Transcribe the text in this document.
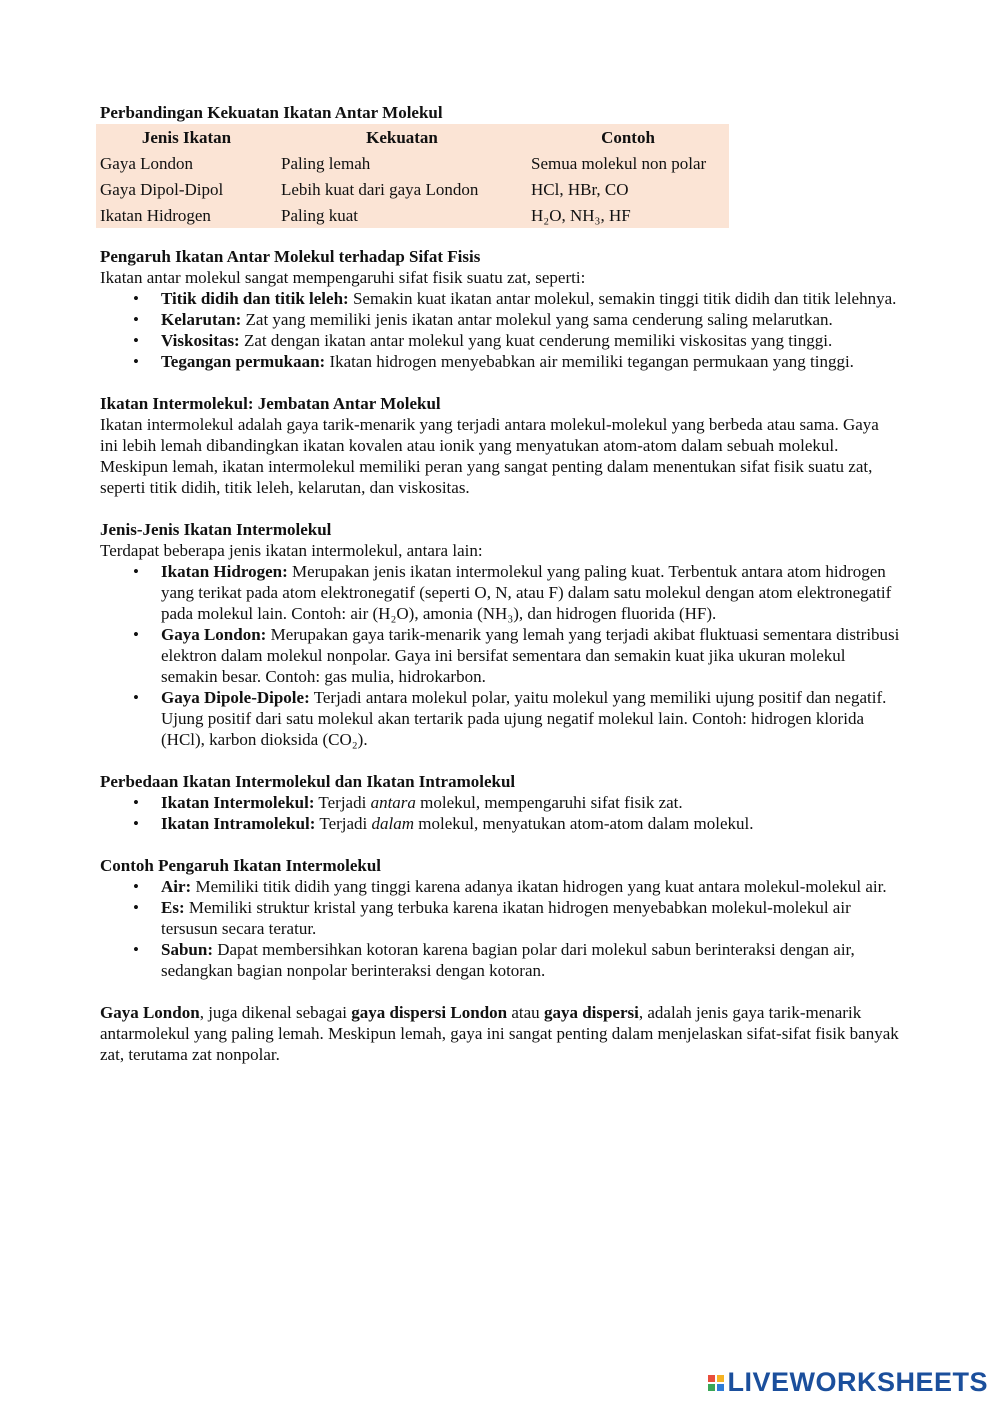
Perbandingan Kekuatan Ikatan Antar Molekul

Jenis Ikatan	Kekuatan	Contoh
Gaya London	Paling lemah	Semua molekul non polar
Gaya Dipol-Dipol	Lebih kuat dari gaya London	HCl, HBr, CO
Ikatan Hidrogen	Paling kuat	H₂O, NH₃, HF

Pengaruh Ikatan Antar Molekul terhadap Sifat Fisis

Ikatan antar molekul sangat mempengaruhi sifat fisik suatu zat, seperti:

• Titik didih dan titik leleh: Semakin kuat ikatan antar molekul, semakin tinggi titik didih dan titik lelehnya.
• Kelarutan: Zat yang memiliki jenis ikatan antar molekul yang sama cenderung saling melarutkan.
• Viskositas: Zat dengan ikatan antar molekul yang kuat cenderung memiliki viskositas yang tinggi.
• Tegangan permukaan: Ikatan hidrogen menyebabkan air memiliki tegangan permukaan yang tinggi.

Ikatan Intermolekul: Jembatan Antar Molekul

Ikatan intermolekul adalah gaya tarik-menarik yang terjadi antara molekul-molekul yang berbeda atau sama. Gaya ini lebih lemah dibandingkan ikatan kovalen atau ionik yang menyatukan atom-atom dalam sebuah molekul. Meskipun lemah, ikatan intermolekul memiliki peran yang sangat penting dalam menentukan sifat fisik suatu zat, seperti titik didih, titik leleh, kelarutan, dan viskositas.

Jenis-Jenis Ikatan Intermolekul

Terdapat beberapa jenis ikatan intermolekul, antara lain:

• Ikatan Hidrogen: Merupakan jenis ikatan intermolekul yang paling kuat. Terbentuk antara atom hidrogen yang terikat pada atom elektronegatif (seperti O, N, atau F) dalam satu molekul dengan atom elektronegatif pada molekul lain. Contoh: air (H₂O), amonia (NH₃), dan hidrogen fluorida (HF).
• Gaya London: Merupakan gaya tarik-menarik yang lemah yang terjadi akibat fluktuasi sementara distribusi elektron dalam molekul nonpolar. Gaya ini bersifat sementara dan semakin kuat jika ukuran molekul semakin besar. Contoh: gas mulia, hidrokarbon.
• Gaya Dipole-Dipole: Terjadi antara molekul polar, yaitu molekul yang memiliki ujung positif dan negatif. Ujung positif dari satu molekul akan tertarik pada ujung negatif molekul lain. Contoh: hidrogen klorida (HCl), karbon dioksida (CO₂).

Perbedaan Ikatan Intermolekul dan Ikatan Intramolekul

• Ikatan Intermolekul: Terjadi antara molekul, mempengaruhi sifat fisik zat.
• Ikatan Intramolekul: Terjadi dalam molekul, menyatukan atom-atom dalam molekul.

Contoh Pengaruh Ikatan Intermolekul

• Air: Memiliki titik didih yang tinggi karena adanya ikatan hidrogen yang kuat antara molekul-molekul air.
• Es: Memiliki struktur kristal yang terbuka karena ikatan hidrogen menyebabkan molekul-molekul air tersusun secara teratur.
• Sabun: Dapat membersihkan kotoran karena bagian polar dari molekul sabun berinteraksi dengan air, sedangkan bagian nonpolar berinteraksi dengan kotoran.

Gaya London, juga dikenal sebagai gaya dispersi London atau gaya dispersi, adalah jenis gaya tarik-menarik antarmolekul yang paling lemah. Meskipun lemah, gaya ini sangat penting dalam menjelaskan sifat-sifat fisik banyak zat, terutama zat nonpolar.

LIVEWORKSHEETS
